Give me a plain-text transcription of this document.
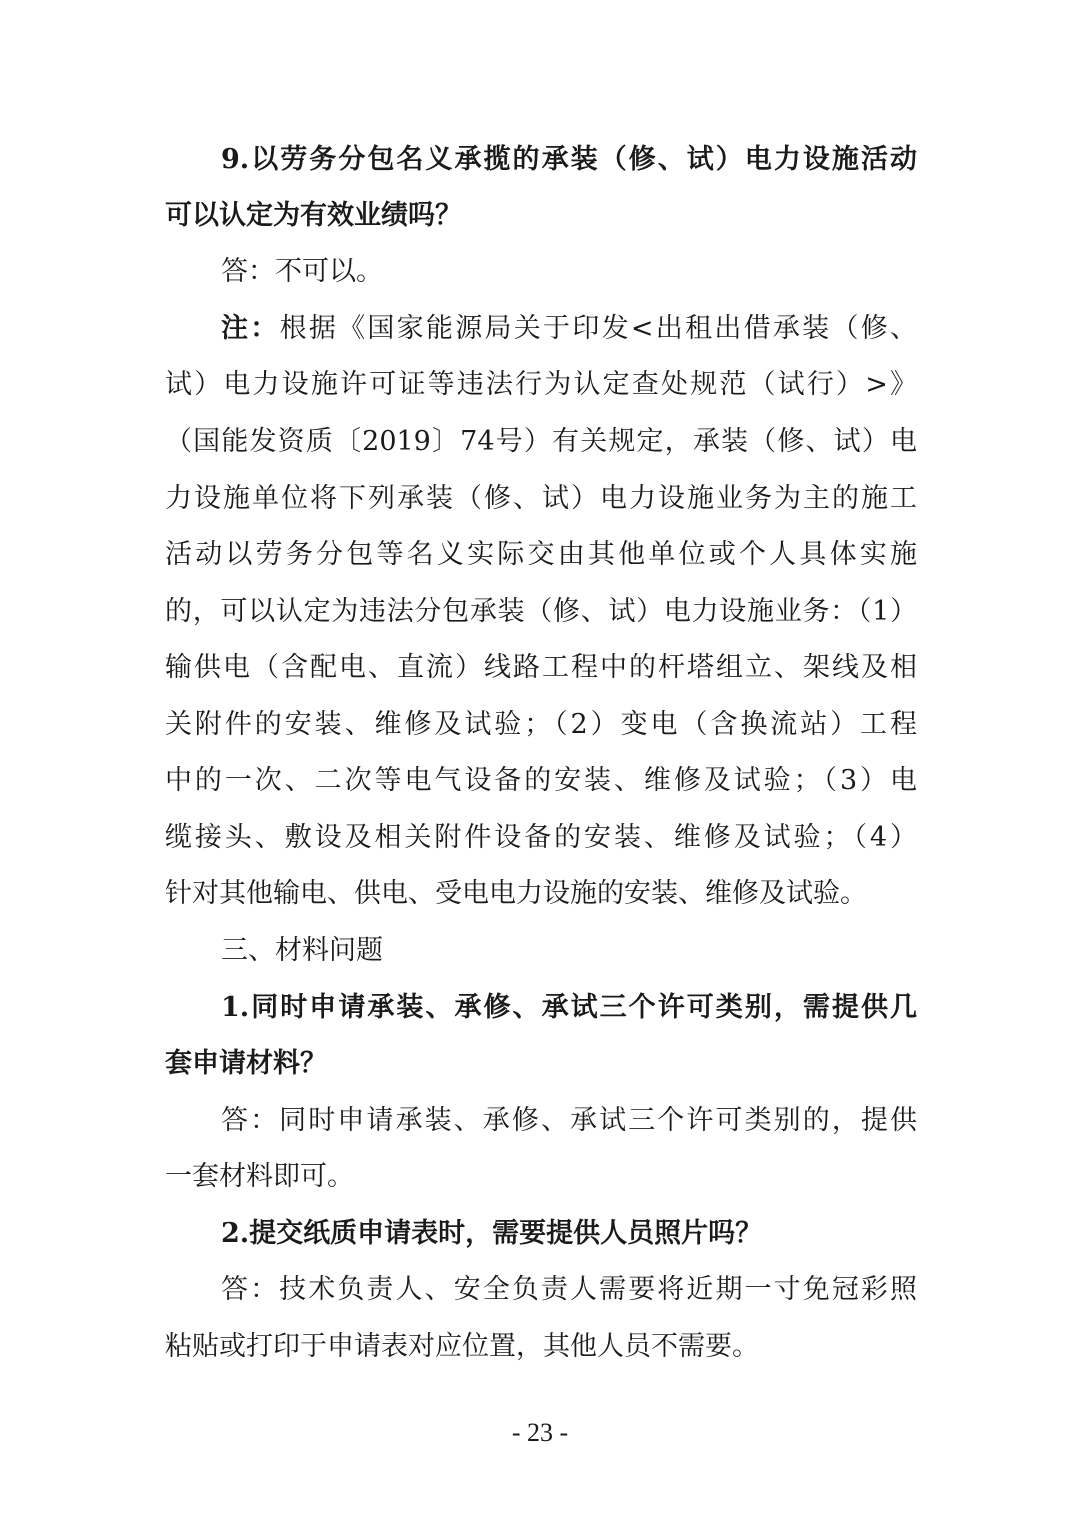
9.以劳务分包名义承揽的承装（修、试）电力设施活动
可以认定为有效业绩吗？
答：不可以。
注：根据《国家能源局关于印发<出租出借承装（修、
试）电力设施许可证等违法行为认定查处规范（试行）>》
（国能发资质〔2019〕74号）有关规定，承装（修、试）电
力设施单位将下列承装（修、试）电力设施业务为主的施工
活动以劳务分包等名义实际交由其他单位或个人具体实施
的，可以认定为违法分包承装（修、试）电力设施业务：（1）
输供电（含配电、直流）线路工程中的杆塔组立、架线及相
关附件的安装、维修及试验；（2）变电（含换流站）工程
中的一次、二次等电气设备的安装、维修及试验；（3）电
缆接头、敷设及相关附件设备的安装、维修及试验；（4）
针对其他输电、供电、受电电力设施的安装、维修及试验。
三、材料问题
1.同时申请承装、承修、承试三个许可类别，需提供几
套申请材料？
答：同时申请承装、承修、承试三个许可类别的，提供
一套材料即可。
2.提交纸质申请表时，需要提供人员照片吗？
答：技术负责人、安全负责人需要将近期一寸免冠彩照
粘贴或打印于申请表对应位置，其他人员不需要。
- 23 -
